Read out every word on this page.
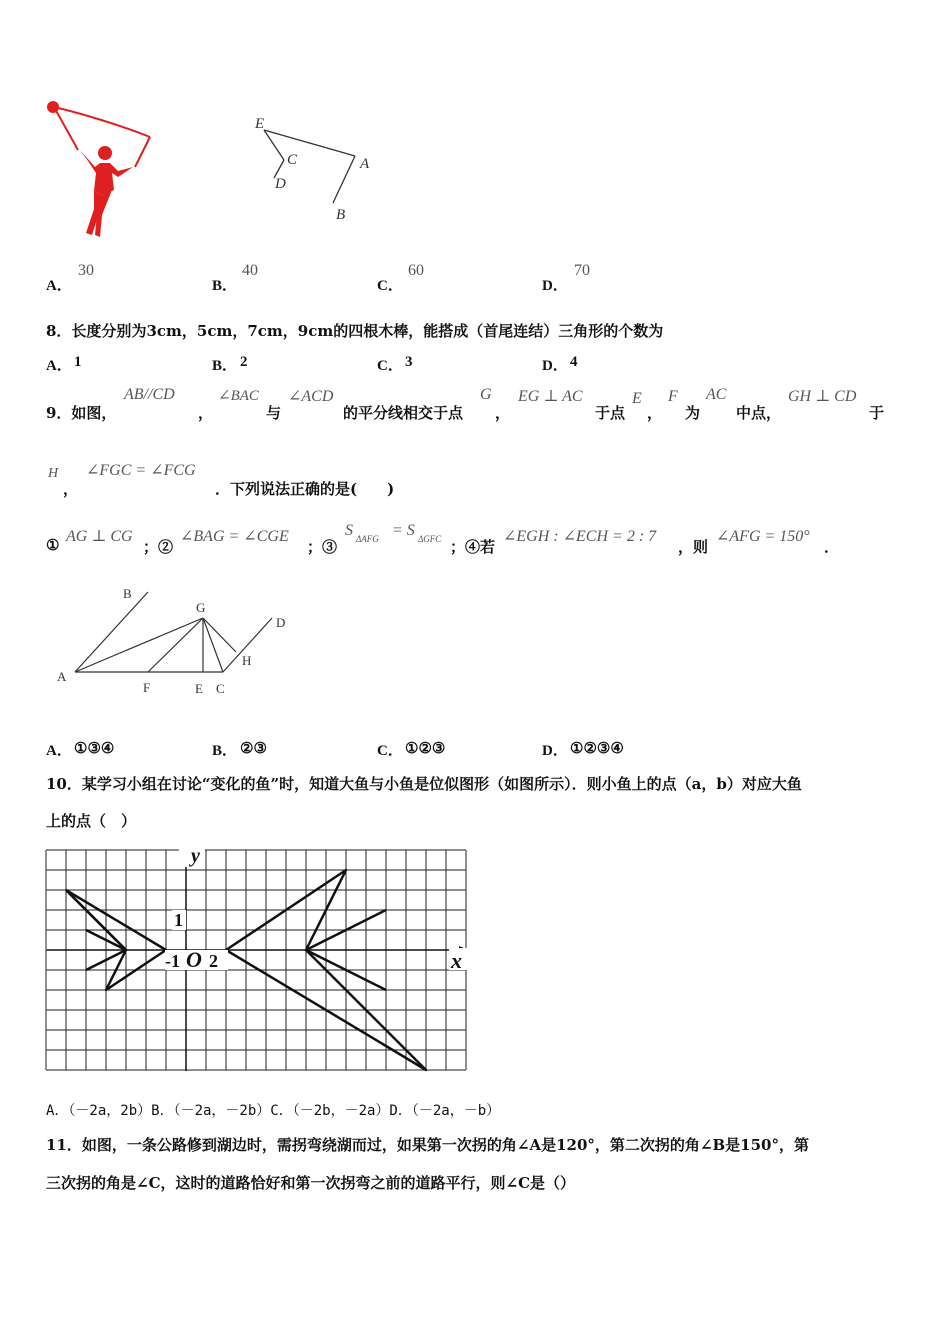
E
C
D
A
B
A．
30
B．
40
C．
60
D．
70
8．长度分别为3cm，5cm，7cm，9cm的四根木棒，能搭成（首尾连结）三角形的个数为
A． 1	B． 2	C． 3	D． 4
9．如图，
AB//CD
，
∠BAC
与
∠ACD
的平分线相交于点
G
，
EG ⊥ AC
于点
E
，
F
为
AC
中点，
GH ⊥ CD
于
H
，
∠FGC = ∠FCG
．下列说法正确的是(　　)
① AG ⊥ CG
；②
∠BAG = ∠CGE
；③
S ΔAFG = S ΔGFC ；④若
∠EGH : ∠ECH = 2 : 7
，则
∠AFG = 150°
．
A
B
G
D
H
F	E C
A． ①③④	B． ②③	C． ①②③	D． ①②③④
10．某学习小组在讨论“变化的鱼”时，知道大鱼与小鱼是位似图形（如图所示）．则小鱼上的点（a，b）对应大鱼
上的点（　）
y
x
1
-1 O 2
A．（－2a，2b）B．（－2a，－2b）C．（－2b，－2a）D．（－2a，－b）
11．如图，一条公路修到湖边时，需拐弯绕湖而过，如果第一次拐的角∠A是120°，第二次拐的角∠B是150°，第
三次拐的角是∠C，这时的道路恰好和第一次拐弯之前的道路平行，则∠C是（）
